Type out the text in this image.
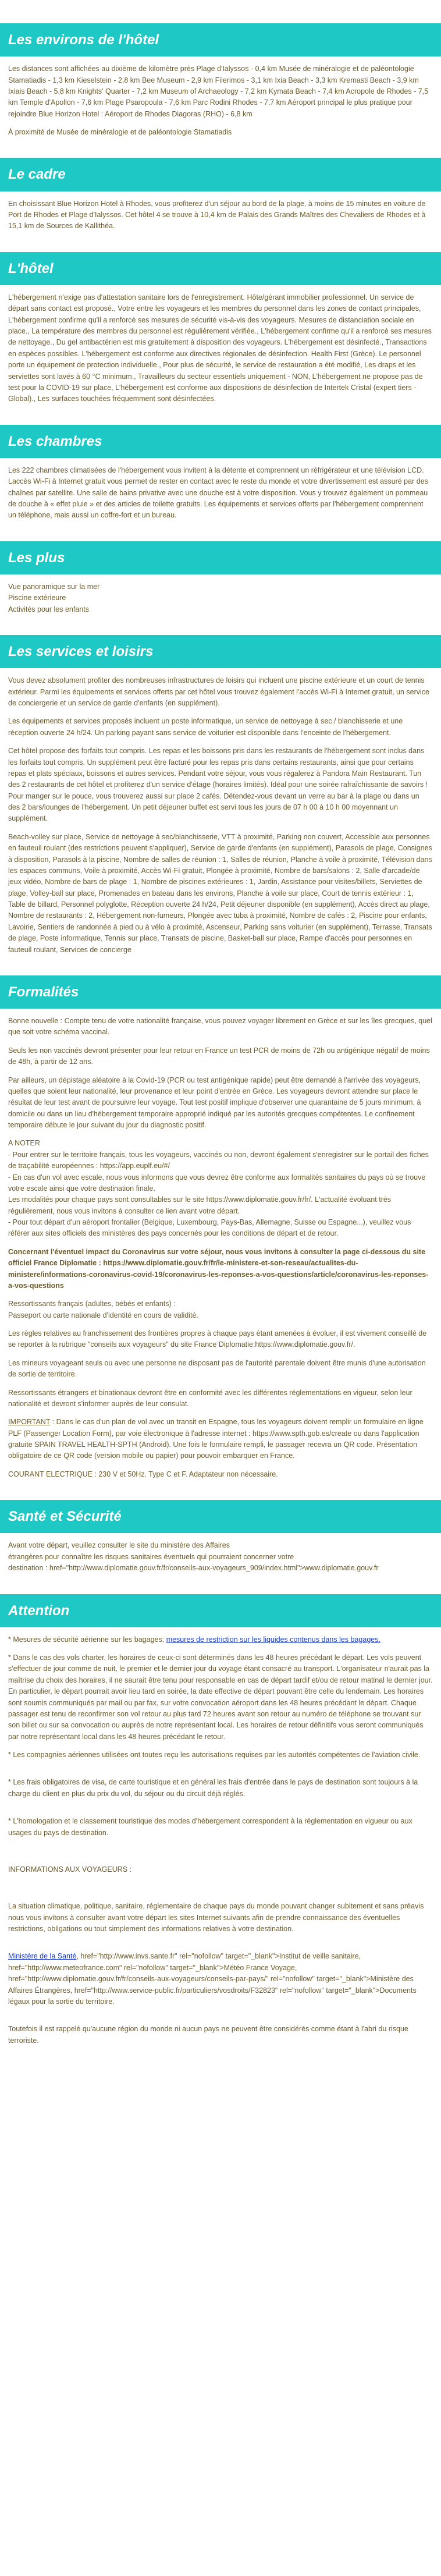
Les environs de l'hôtel

Les distances sont affichées au dixième de kilomètre près Plage d'Ialyssos - 0,4 km Musée de minéralogie et de paléontologie Stamatiadis - 1,3 km Kieselstein - 2,8 km Bee Museum - 2,9 km Filerimos - 3,1 km Ixia Beach - 3,3 km Kremasti Beach - 3,9 km Ixiais Beach - 5,8 km Knights' Quarter - 7,2 km Museum of Archaeology - 7,2 km Kymata Beach - 7,4 km Acropole de Rhodes - 7,5 km Temple d'Apollon - 7,6 km Plage Psaropoula - 7,6 km Parc Rodini Rhodes - 7,7 km Aéroport principal le plus pratique pour rejoindre Blue Horizon Hotel : Aéroport de Rhodes Diagoras (RHO) - 6,8 km

À proximité de Musée de minéralogie et de paléontologie Stamatiadis

Le cadre

En choisissant Blue Horizon Hotel à Rhodes, vous profiterez d'un séjour au bord de la plage, à moins de 15 minutes en voiture de Port de Rhodes et Plage d'Ialyssos. Cet hôtel 4 se trouve à 10,4 km de Palais des Grands Maîtres des Chevaliers de Rhodes et à 15,1 km de Sources de Kallithéa.

L'hôtel

L'hébergement n'exige pas d'attestation sanitaire lors de l'enregistrement. Hôte/gérant immobilier professionnel. Un service de départ sans contact est proposé., Votre entre les voyageurs et les membres du personnel dans les zones de contact principales, L'hébergement confirme qu'il a renforcé ses mesures de sécurité vis-à-vis des voyageurs. Mesures de distanciation sociale en place., La température des membres du personnel est régulièrement vérifiée., L'hébergement confirme qu'il a renforcé ses mesures de nettoyage., Du gel antibactérien est mis gratuitement à disposition des voyageurs. L'hébergement est désinfecté., Transactions en espèces possibles. L'hébergement est conforme aux directives régionales de désinfection. Health First (Grèce). Le personnel porte un équipement de protection individuelle., Pour plus de sécurité, le service de restauration a été modifié, Les draps et les serviettes sont lavés à 60 °C minimum., Travailleurs du secteur essentiels uniquement - NON, L'hébergement ne propose pas de test pour la COVID-19 sur place, L'hébergement est conforme aux dispositions de désinfection de Intertek Cristal (expert tiers - Global)., Les surfaces touchées fréquemment sont désinfectées.

Les chambres

Les 222 chambres climatisées de l'hébergement vous invitent à la détente et comprennent un réfrigérateur et une télévision LCD. Laccès Wi-Fi à Internet gratuit vous permet de rester en contact avec le reste du monde et votre divertissement est assuré par des chaînes par satellite. Une salle de bains privative avec une douche est à votre disposition. Vous y trouvez également un pommeau de douche à « effet pluie » et des articles de toilette gratuits. Les équipements et services offerts par l'hébergement comprennent un téléphone, mais aussi un coffre-fort et un bureau.

Les plus

Vue panoramique sur la mer
Piscine extérieure
Activités pour les enfants

Les services et loisirs

Vous devez absolument profiter des nombreuses infrastructures de loisirs qui incluent une piscine extérieure et un court de tennis extérieur. Parmi les équipements et services offerts par cet hôtel vous trouvez également l'accès Wi-Fi à Internet gratuit, un service de conciergerie et un service de garde d'enfants (en supplément).

Les équipements et services proposés incluent un poste informatique, un service de nettoyage à sec / blanchisserie et une réception ouverte 24 h/24. Un parking payant sans service de voiturier est disponible dans l'enceinte de l'hébergement.

Cet hôtel propose des forfaits tout compris. Les repas et les boissons pris dans les restaurants de l'hébergement sont inclus dans les forfaits tout compris. Un supplément peut être facturé pour les repas pris dans certains restaurants, ainsi que pour certains repas et plats spéciaux, boissons et autres services. Pendant votre séjour, vous vous régalerez à Pandora Main Restaurant. Tun des 2 restaurants de cet hôtel et profiterez d'un service d'étage (horaires limités). Idéal pour une soirée rafraîchissante de savoirs ! Pour manger sur le pouce, vous trouverez aussi sur place 2 cafés. Détendez-vous devant un verre au bar à la plage ou dans un des 2 bars/lounges de l'hébergement. Un petit déjeuner buffet est servi tous les jours de 07 h 00 à 10 h 00 moyennant un supplément.

Beach-volley sur place, Service de nettoyage à sec/blanchisserie, VTT à proximité, Parking non couvert, Accessible aux personnes en fauteuil roulant (des restrictions peuvent s'appliquer), Service de garde d'enfants (en supplément), Parasols de plage, Consignes à disposition, Parasols à la piscine, Nombre de salles de réunion : 1, Salles de réunion, Planche à voile à proximité, Télévision dans les espaces communs, Voile à proximité, Accès Wi-Fi gratuit, Plongée à proximité, Nombre de bars/salons : 2, Salle d'arcade/de jeux vidéo, Nombre de bars de plage : 1, Nombre de piscines extérieures : 1, Jardin, Assistance pour visites/billets, Serviettes de plage, Volley-ball sur place, Promenades en bateau dans les environs, Planche à voile sur place, Court de tennis extérieur : 1, Table de billard, Personnel polyglotte, Réception ouverte 24 h/24, Petit déjeuner disponible (en supplément), Accès direct au plage, Nombre de restaurants : 2, Hébergement non-fumeurs, Plongée avec tuba à proximité, Nombre de cafés : 2, Piscine pour enfants, Lavoirie, Sentiers de randonnée à pied ou à vélo à proximité, Ascenseur, Parking sans voiturier (en supplément), Terrasse, Transats de plage, Poste informatique, Tennis sur place, Transats de piscine, Basket-ball sur place, Rampe d'accès pour personnes en fauteuil roulant, Services de concierge

Formalités

Bonne nouvelle : Compte tenu de votre nationalité française, vous pouvez voyager librement en Grèce et sur les îles grecques, quel que soit votre schéma vaccinal.

Seuls les non vaccinés devront présenter pour leur retour en France un test PCR de moins de 72h ou antigénique négatif de moins de 48h, à partir de 12 ans.

Par ailleurs, un dépistage aléatoire à la Covid-19 (PCR ou test antigénique rapide) peut être demandé à l'arrivée des voyageurs, quelles que soient leur nationalité, leur provenance et leur point d'entrée en Grèce. Les voyageurs devront attendre sur place le résultat de leur test avant de poursuivre leur voyage. Tout test positif implique d'observer une quarantaine de 5 jours minimum, à domicile ou dans un lieu d'hébergement temporaire approprié indiqué par les autorités grecques compétentes. Le confinement temporaire débute le jour suivant du jour du diagnostic positif.

A NOTER
- Pour entrer sur le territoire français, tous les voyageurs, vaccinés ou non, devront également s'enregistrer sur le portail des fiches de traçabilité européennes : https://app.euplf.eu/#/
- En cas d'un vol avec escale, nous vous informons que vous devrez être conforme aux formalités sanitaires du pays où se trouve votre escale ainsi que votre destination finale.
Les modalités pour chaque pays sont consultables sur le site https://www.diplomatie.gouv.fr/fr/. L'actualité évoluant très régulièrement, nous vous invitons à consulter ce lien avant votre départ.
- Pour tout départ d'un aéroport frontalier (Belgique, Luxembourg, Pays-Bas, Allemagne, Suisse ou Espagne...), veuillez vous référer aux sites officiels des ministères des pays concernés pour les conditions de départ et de retour.

Concernant l'éventuel impact du Coronavirus sur votre séjour, nous vous invitons à consulter la page ci-dessous du site officiel France Diplomatie : https://www.diplomatie.gouv.fr/fr/le-ministere-et-son-reseau/actualites-du-ministere/informations-coronavirus-covid-19/coronavirus-les-reponses-a-vos-questions/article/coronavirus-les-reponses-a-vos-questions

Ressortissants français (adultes, bébés et enfants) :
Passeport ou carte nationale d'identité en cours de validité.

Les règles relatives au franchissement des frontières propres à chaque pays étant amenées à évoluer, il est vivement conseillé de se reporter à la rubrique "conseils aux voyageurs" du site France Diplomatie:https://www.diplomatie.gouv.fr/.

Les mineurs voyageant seuls ou avec une personne ne disposant pas de l'autorité parentale doivent être munis d'une autorisation de sortie de territoire.

Ressortissants étrangers et binationaux devront être en conformité avec les différentes réglementations en vigueur, selon leur nationalité et devront s'informer auprès de leur consulat.

IMPORTANT : Dans le cas d'un plan de vol avec un transit en Espagne, tous les voyageurs doivent remplir un formulaire en ligne PLF (Passenger Location Form), par voie électronique à l'adresse internet : https://www.spth.gob.es/create ou dans l'application gratuite SPAIN TRAVEL HEALTH-SPTH (Android). Une fois le formulaire rempli, le passager recevra un QR code. Présentation obligatoire de ce QR code (version mobile ou papier) pour pouvoir embarquer en France.

COURANT ELECTRIQUE : 230 V et 50Hz. Type C et F. Adaptateur non nécessaire.

Santé et Sécurité

Avant votre départ, veuillez consulter le site du ministère des Affaires
étrangères pour connaître les risques sanitaires éventuels qui pourraient concerner votre
destination : href="http://www.diplomatie.gouv.fr/fr/conseils-aux-voyageurs_909/index.html">www.diplomatie.gouv.fr

Attention

* Mesures de sécurité aérienne sur les bagages: mesures de restriction sur les liquides contenus dans les bagages.

* Dans le cas des vols charter, les horaires de ceux-ci sont déterminés dans les 48 heures précédant le départ. Les vols peuvent s'effectuer de jour comme de nuit, le premier et le dernier jour du voyage étant consacré au transport. L'organisateur n'aurait pas la maîtrise du choix des horaires, il ne saurait être tenu pour responsable en cas de départ tardif et/ou de retour matinal le dernier jour. En particulier, le départ pourrait avoir lieu tard en soirée, la date effective de départ pouvant être celle du lendemain. Les horaires sont soumis communiqués par mail ou par fax, sur votre convocation aéroport dans les 48 heures précédant le départ. Chaque passager est tenu de reconfirmer son vol retour au plus tard 72 heures avant son retour au numéro de téléphone se trouvant sur son billet ou sur sa convocation ou auprès de notre représentant local. Les horaires de retour définitifs vous seront communiqués par notre représentant local dans les 48 heures précédant le retour.

* Les compagnies aériennes utilisées ont toutes reçu les autorisations requises par les autorités compétentes de l'aviation civile.

* Les frais obligatoires de visa, de carte touristique et en général les frais d'entrée dans le pays de destination sont toujours à la charge du client en plus du prix du vol, du séjour ou du circuit déjà réglés.

* L'homologation et le classement touristique des modes d'hébergement correspondent à la réglementation en vigueur ou aux usages du pays de destination.

INFORMATIONS AUX VOYAGEURS :

La situation climatique, politique, sanitaire, réglementaire de chaque pays du monde pouvant changer subitement et sans préavis
nous vous invitons à consulter avant votre départ les sites Internet suivants afin de prendre connaissance des éventuelles restrictions, obligations ou tout simplement des informations relatives à votre destination.

Ministère de la Santé, href="http://www.invs.sante.fr" rel="nofollow" target="_blank">Institut de veille sanitaire, href="http://www.meteofrance.com" rel="nofollow" target="_blank">Météo France Voyage, href="http://www.diplomatie.gouv.fr/fr/conseils-aux-voyageurs/conseils-par-pays/" rel="nofollow" target="_blank">Ministère des Affaires Étrangères, href="http://www.service-public.fr/particuliers/vosdroits/F32823" rel="nofollow" target="_blank">Documents légaux pour la sortie du territoire.

Toutefois il est rappelé qu'aucune région du monde ni aucun pays ne peuvent être considérés comme étant à l'abri du risque terroriste.
